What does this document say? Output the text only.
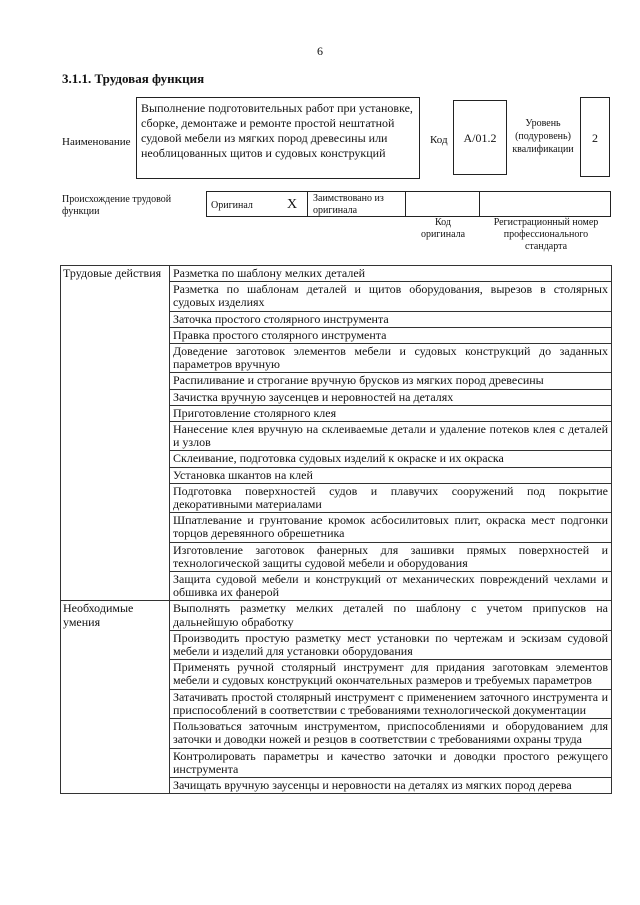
6
3.1.1. Трудовая функция
Наименование
Выполнение подготовительных работ при установке, сборке, демонтаже и ремонте простой нештатной судовой мебели из мягких пород древесины или необлицованных щитов и судовых конструкций
Код	A/01.2
Уровень (подуровень) квалификации
2
Происхождение трудовой функции
Оригинал X Заимствовано из оригинала
Код оригинала
Регистрационный номер профессионального стандарта
Трудовые действия	Разметка по шаблону мелких деталей
	Разметка по шаблонам деталей и щитов оборудования, вырезов в столярных судовых изделиях
	Заточка простого столярного инструмента
	Правка простого столярного инструмента
	Доведение заготовок элементов мебели и судовых конструкций до заданных параметров вручную
	Распиливание и строгание вручную брусков из мягких пород древесины
	Зачистка вручную заусенцев и неровностей на деталях
	Приготовление столярного клея
	Нанесение клея вручную на склеиваемые детали и удаление потеков клея с деталей и узлов
	Склеивание, подготовка судовых изделий к окраске и их окраска
	Установка шкантов на клей
	Подготовка поверхностей судов и плавучих сооружений под покрытие декоративными материалами
	Шпатлевание и грунтование кромок асбосилитовых плит, окраска мест подгонки торцов деревянного обрешетника
	Изготовление заготовок фанерных для зашивки прямых поверхностей и технологической защиты судовой мебели и оборудования
	Защита судовой мебели и конструкций от механических повреждений чехлами и обшивка их фанерой
Необходимые умения	Выполнять разметку мелких деталей по шаблону с учетом припусков на дальнейшую обработку
	Производить простую разметку мест установки по чертежам и эскизам судовой мебели и изделий для установки оборудования
	Применять ручной столярный инструмент для придания заготовкам элементов мебели и судовых конструкций окончательных размеров и требуемых параметров
	Затачивать простой столярный инструмент с применением заточного инструмента и приспособлений в соответствии с требованиями технологической документации
	Пользоваться заточным инструментом, приспособлениями и оборудованием для заточки и доводки ножей и резцов в соответствии с требованиями охраны труда
	Контролировать параметры и качество заточки и доводки простого режущего инструмента
	Зачищать вручную заусенцы и неровности на деталях из мягких пород дерева
